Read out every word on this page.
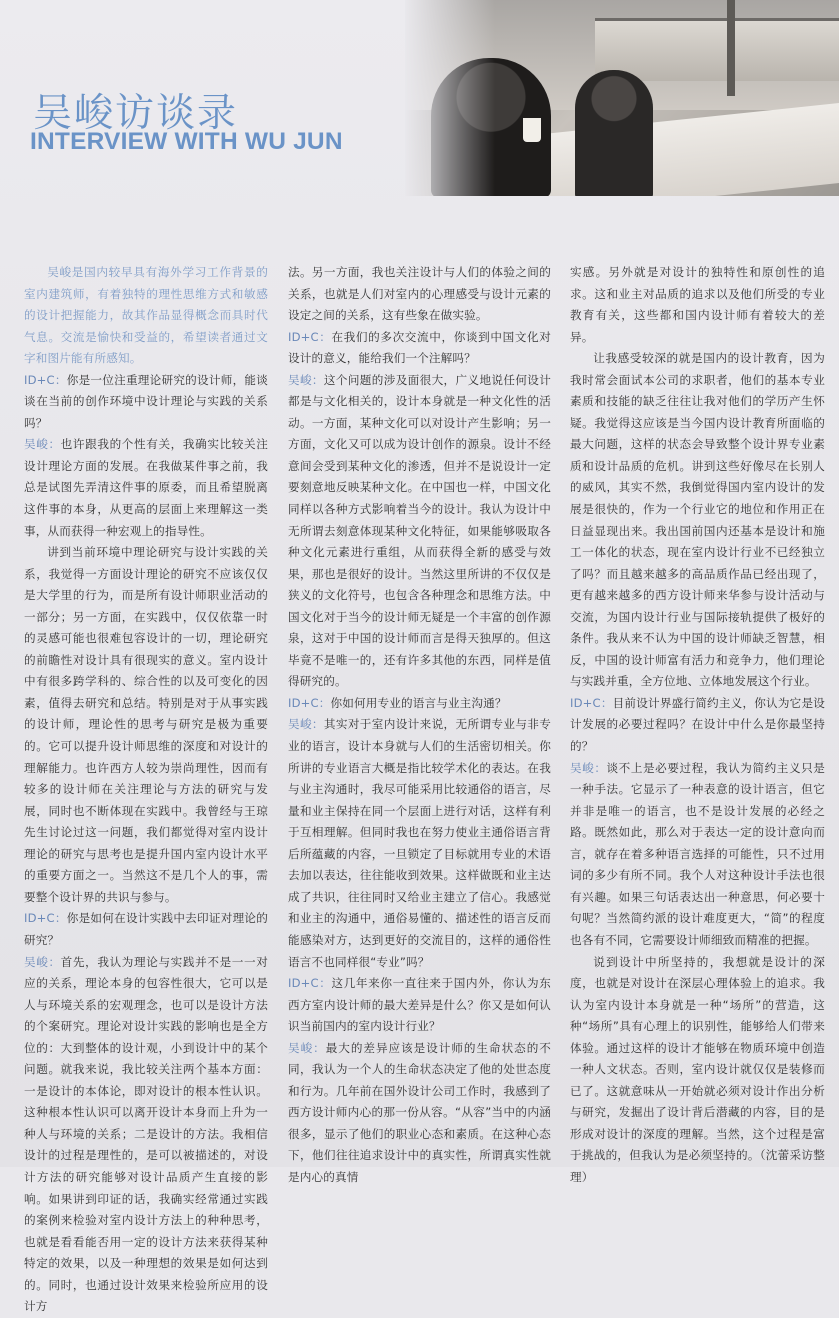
吴峻访谈录
INTERVIEW WITH WU JUN

吴峻是国内较早具有海外学习工作背景的室内建筑师，有着独特的理性思维方式和敏感的设计把握能力，故其作品显得概念而具时代气息。交流是愉快和受益的，希望读者通过文字和图片能有所感知。

ID+C：你是一位注重理论研究的设计师，能谈谈在当前的创作环境中设计理论与实践的关系吗？

吴峻：也许跟我的个性有关，我确实比较关注设计理论方面的发展。在我做某件事之前，我总是试图先弄清这件事的原委，而且希望脱离这件事的本身，从更高的层面上来理解这一类事，从而获得一种宏观上的指导性。

讲到当前环境中理论研究与设计实践的关系，我觉得一方面设计理论的研究不应该仅仅是大学里的行为，而是所有设计师职业活动的一部分；另一方面，在实践中，仅仅依靠一时的灵感可能也很难包容设计的一切，理论研究的前瞻性对设计具有很现实的意义。室内设计中有很多跨学科的、综合性的以及可变化的因素，值得去研究和总结。特别是对于从事实践的设计师，理论性的思考与研究是极为重要的。它可以提升设计师思维的深度和对设计的理解能力。也许西方人较为崇尚理性，因而有较多的设计师在关注理论与方法的研究与发展，同时也不断体现在实践中。我曾经与王琼先生讨论过这一问题，我们都觉得对室内设计理论的研究与思考也是提升国内室内设计水平的重要方面之一。当然这不是几个人的事，需要整个设计界的共识与参与。

ID+C：你是如何在设计实践中去印证对理论的研究？

吴峻：首先，我认为理论与实践并不是一一对应的关系，理论本身的包容性很大，它可以是人与环境关系的宏观理念，也可以是设计方法的个案研究。理论对设计实践的影响也是全方位的：大到整体的设计观，小到设计中的某个问题。就我来说，我比较关注两个基本方面：一是设计的本体论，即对设计的根本性认识。这种根本性认识可以离开设计本身而上升为一种人与环境的关系；二是设计的方法。我相信设计的过程是理性的，是可以被描述的，对设计方法的研究能够对设计品质产生直接的影响。如果讲到印证的话，我确实经常通过实践的案例来检验对室内设计方法上的种种思考，也就是看看能否用一定的设计方法来获得某种特定的效果，以及一种理想的效果是如何达到的。同时，也通过设计效果来检验所应用的设计方

法。另一方面，我也关注设计与人们的体验之间的关系，也就是人们对室内的心理感受与设计元素的设定之间的关系，这有些象在做实验。

ID+C：在我们的多次交流中，你谈到中国文化对设计的意义，能给我们一个注解吗？

吴峻：这个问题的涉及面很大，广义地说任何设计都是与文化相关的，设计本身就是一种文化性的活动。一方面，某种文化可以对设计产生影响；另一方面，文化又可以成为设计创作的源泉。设计不经意间会受到某种文化的渗透，但并不是说设计一定要刻意地反映某种文化。在中国也一样，中国文化同样以各种方式影响着当今的设计。我认为设计中无所谓去刻意体现某种文化特征，如果能够吸取各种文化元素进行重组，从而获得全新的感受与效果，那也是很好的设计。当然这里所讲的不仅仅是狭义的文化符号，也包含各种理念和思维方法。中国文化对于当今的设计师无疑是一个丰富的创作源泉，这对于中国的设计师而言是得天独厚的。但这毕竟不是唯一的，还有许多其他的东西，同样是值得研究的。

ID+C：你如何用专业的语言与业主沟通？

吴峻：其实对于室内设计来说，无所谓专业与非专业的语言，设计本身就与人们的生活密切相关。你所讲的专业语言大概是指比较学术化的表达。在我与业主沟通时，我尽可能采用比较通俗的语言，尽量和业主保持在同一个层面上进行对话，这样有利于互相理解。但同时我也在努力使业主通俗语言背后所蕴藏的内容，一旦锁定了目标就用专业的术语去加以表达，往往能收到效果。这样做既和业主达成了共识，往往同时又给业主建立了信心。我感觉和业主的沟通中，通俗易懂的、描述性的语言反而能感染对方，达到更好的交流目的，这样的通俗性语言不也同样很“专业”吗？

ID+C：这几年来你一直往来于国内外，你认为东西方室内设计师的最大差异是什么？你又是如何认识当前国内的室内设计行业？

吴峻：最大的差异应该是设计师的生命状态的不同，我认为一个人的生命状态决定了他的处世态度和行为。几年前在国外设计公司工作时，我感到了西方设计师内心的那一份从容。“从容”当中的内涵很多，显示了他们的职业心态和素质。在这种心态下，他们往往追求设计中的真实性，所谓真实性就是内心的真情

实感。另外就是对设计的独特性和原创性的追求。这和业主对品质的追求以及他们所受的专业教育有关，这些都和国内设计师有着较大的差异。

让我感受较深的就是国内的设计教育，因为我时常会面试本公司的求职者，他们的基本专业素质和技能的缺乏往往让我对他们的学历产生怀疑。我觉得这应该是当今国内设计教育所面临的最大问题，这样的状态会导致整个设计界专业素质和设计品质的危机。讲到这些好像尽在长别人的威风，其实不然，我倒觉得国内室内设计的发展是很快的，作为一个行业它的地位和作用正在日益显现出来。我出国前国内还基本是设计和施工一体化的状态，现在室内设计行业不已经独立了吗？而且越来越多的高品质作品已经出现了，更有越来越多的西方设计师来华参与设计活动与交流，为国内设计行业与国际接轨提供了极好的条件。我从来不认为中国的设计师缺乏智慧，相反，中国的设计师富有活力和竞争力，他们理论与实践并重，全方位地、立体地发展这个行业。

ID+C：目前设计界盛行简约主义，你认为它是设计发展的必要过程吗？在设计中什么是你最坚持的？

吴峻：谈不上是必要过程，我认为简约主义只是一种手法。它显示了一种表意的设计语言，但它并非是唯一的语言，也不是设计发展的必经之路。既然如此，那么对于表达一定的设计意向而言，就存在着多种语言选择的可能性，只不过用词的多少有所不同。我个人对这种设计手法也很有兴趣。如果三句话表达出一种意思，何必要十句呢？当然简约派的设计难度更大，“简”的程度也各有不同，它需要设计师细致而精准的把握。

说到设计中所坚持的，我想就是设计的深度，也就是对设计在深层心理体验上的追求。我认为室内设计本身就是一种“场所”的营造，这种“场所”具有心理上的识别性，能够给人们带来体验。通过这样的设计才能够在物质环境中创造一种人文状态。否则，室内设计就仅仅是装修而已了。这就意味从一开始就必须对设计作出分析与研究，发掘出了设计背后潜藏的内容，目的是形成对设计的深度的理解。当然，这个过程是富于挑战的，但我认为是必须坚持的。（沈蕾采访整理）
